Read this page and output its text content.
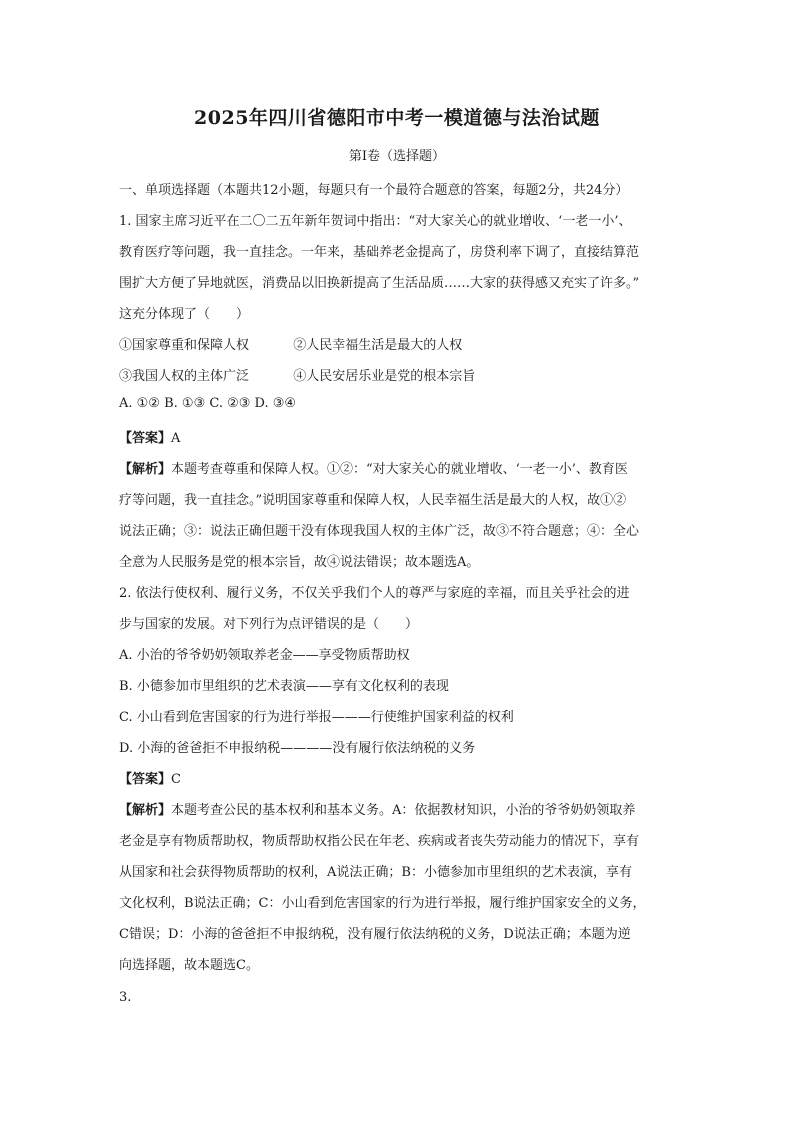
2025年四川省德阳市中考一模道德与法治试题
第Ⅰ卷（选择题）
一、单项选择题（本题共12小题，每题只有一个最符合题意的答案，每题2分，共24分）
1. 国家主席习近平在二〇二五年新年贺词中指出：“对大家关心的就业增收、‘一老一小’、
教育医疗等问题，我一直挂念。一年来，基础养老金提高了，房贷利率下调了，直接结算范
围扩大方便了异地就医，消费品以旧换新提高了生活品质……大家的获得感又充实了许多。”
这充分体现了（　　）
①国家尊重和保障人权	②人民幸福生活是最大的人权
③我国人权的主体广泛	④人民安居乐业是党的根本宗旨
A. ①② B. ①③ C. ②③ D. ③④
【答案】A
【解析】本题考查尊重和保障人权。①②：“对大家关心的就业增收、‘一老一小’、教育医
疗等问题，我一直挂念。”说明国家尊重和保障人权，人民幸福生活是最大的人权，故①②
说法正确；③：说法正确但题干没有体现我国人权的主体广泛，故③不符合题意；④：全心
全意为人民服务是党的根本宗旨，故④说法错误；故本题选A。
2. 依法行使权利、履行义务，不仅关乎我们个人的尊严与家庭的幸福，而且关乎社会的进
步与国家的发展。对下列行为点评错误的是（　　）
A. 小治的爷爷奶奶领取养老金——享受物质帮助权
B. 小德参加市里组织的艺术表演——享有文化权利的表现
C. 小山看到危害国家的行为进行举报———行使维护国家利益的权利
D. 小海的爸爸拒不申报纳税————没有履行依法纳税的义务
【答案】C
【解析】本题考查公民的基本权利和基本义务。A：依据教材知识，小治的爷爷奶奶领取养
老金是享有物质帮助权，物质帮助权指公民在年老、疾病或者丧失劳动能力的情况下，享有
从国家和社会获得物质帮助的权利，A说法正确；B：小德参加市里组织的艺术表演，享有
文化权利，B说法正确；C：小山看到危害国家的行为进行举报，履行维护国家安全的义务，
C错误；D：小海的爸爸拒不申报纳税，没有履行依法纳税的义务，D说法正确；本题为逆
向选择题，故本题选C。
3.
